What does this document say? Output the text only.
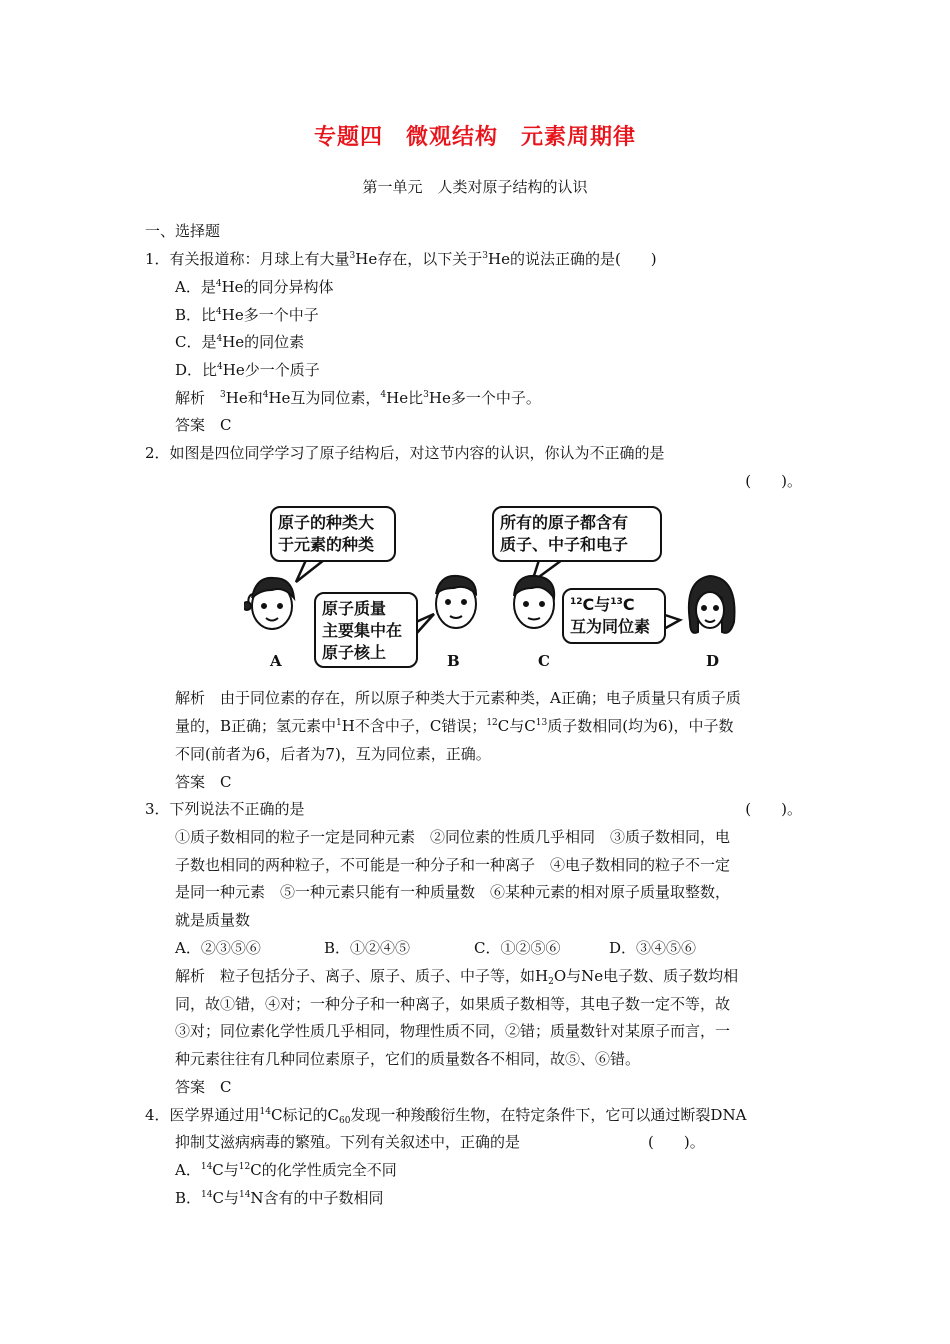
专题四　微观结构　元素周期律
第一单元　人类对原子结构的认识
一、选择题
1．有关报道称：月球上有大量$^3$He存在，以下关于$^3$He的说法正确的是(　　)
A．是$^4$He的同分异构体
B．比$^4$He多一个中子
C．是$^4$He的同位素
D．比$^4$He少一个质子
解析　$^3$He和$^4$He互为同位素，$^4$He比$^3$He多一个中子。
答案　C
2．如图是四位同学学习了原子结构后，对这节内容的认识，你认为不正确的是
(　　)。
原子的种类大
于元素的种类
原子质量
主要集中在
原子核上
所有的原子都含有
质子、中子和电子
$^{12}$C与$^{13}$C
互为同位素
A	B	C	D
解析　由于同位素的存在，所以原子种类大于元素种类，A正确；电子质量只有质子质
量的，B正确；氢元素中$^1$H不含中子，C错误；$^{12}$C与$C^{13}$质子数相同(均为6)，中子数
不同(前者为6，后者为7)，互为同位素，正确。
答案　C
3．下列说法不正确的是	(　　)。
①质子数相同的粒子一定是同种元素　②同位素的性质几乎相同　③质子数相同，电
子数也相同的两种粒子，不可能是一种分子和一种离子　④电子数相同的粒子不一定
是同一种元素　⑤一种元素只能有一种质量数　⑥某种元素的相对原子质量取整数，
就是质量数
A．②③⑤⑥	B．①②④⑤	C．①②⑤⑥	D．③④⑤⑥
解析　粒子包括分子、离子、原子、质子、中子等，如$H_2O$与Ne电子数、质子数均相
同，故①错，④对；一种分子和一种离子，如果质子数相等，其电子数一定不等，故
③对；同位素化学性质几乎相同，物理性质不同，②错；质量数针对某原子而言，一
种元素往往有几种同位素原子，它们的质量数各不相同，故⑤、⑥错。
答案　C
4．医学界通过用$^{14}$C标记的$C_{60}$发现一种羧酸衍生物，在特定条件下，它可以通过断裂DNA
抑制艾滋病病毒的繁殖。下列有关叙述中，正确的是	(　　)。
A．$^{14}$C与$^{12}$C的化学性质完全不同
B．$^{14}$C与$^{14}$N含有的中子数相同
